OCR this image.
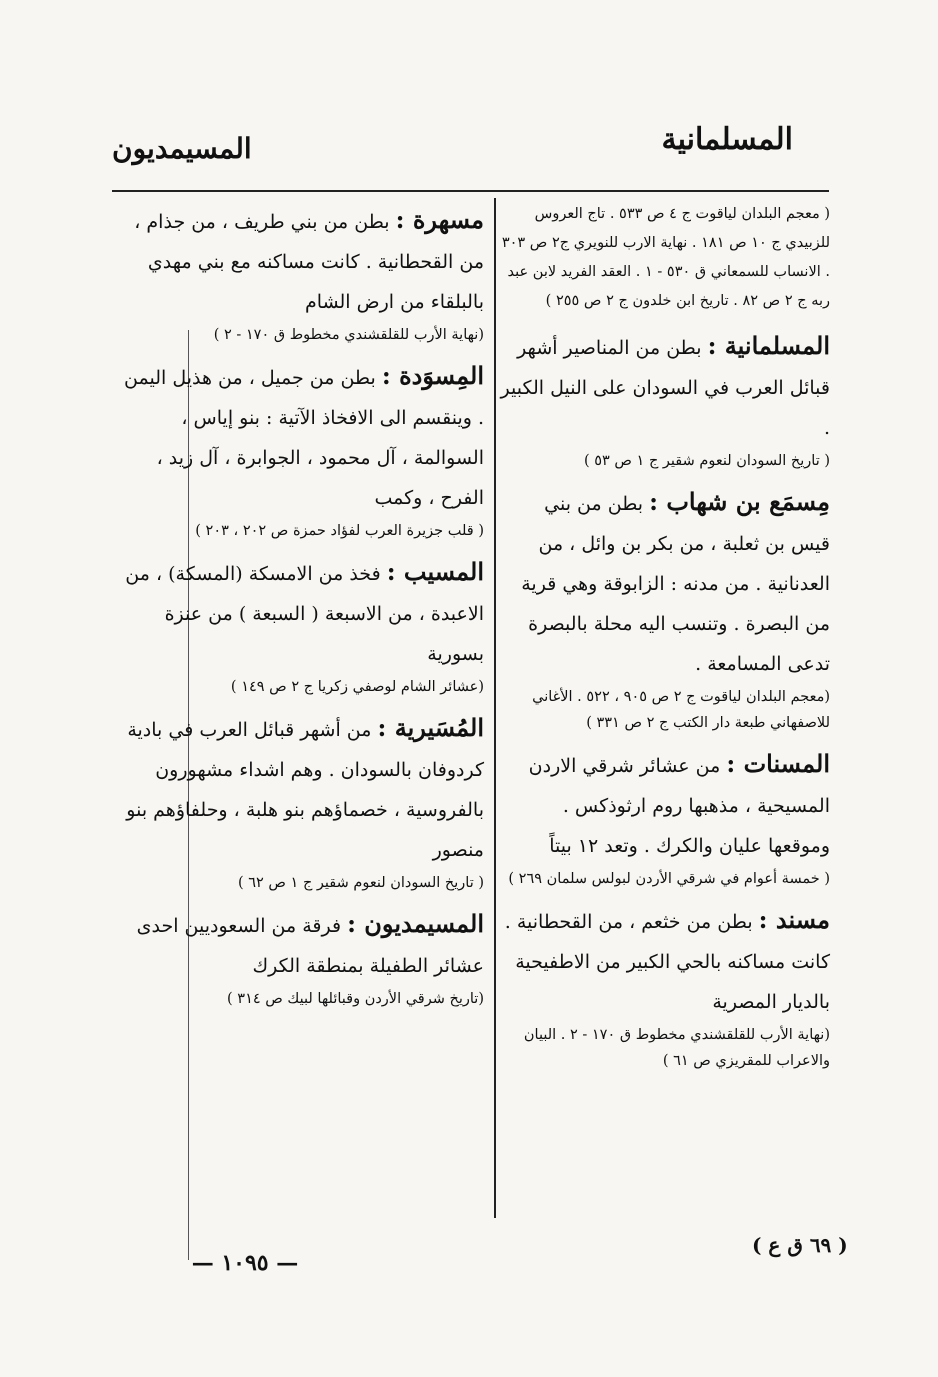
المسلمانية
المسيمديون
( معجم البلدان لياقوت ج ٤ ص ٥٣٣ . تاج العروس للزبيدي ج ١٠ ص ١٨١ . نهاية الارب للنويري ج٢ ص ٣٠٣ . الانساب للسمعاني ق ٥٣٠ - ١ . العقد الفريد لابن عبد ربه ج ٢ ص ٨٢ . تاريخ ابن خلدون ج ٢ ص ٢٥٥ )
المسلمانية : بطن من المناصير أشهر قبائل العرب في السودان على النيل الكبير .
( تاريخ السودان لنعوم شقير ج ١ ص ٥٣ )
مِسمَع بن شهاب : بطن من بني قيس بن ثعلبة ، من بكر بن وائل ، من العدنانية . من مدنه : الزابوقة وهي قرية من البصرة . وتنسب اليه محلة بالبصرة تدعى المسامعة .
(معجم البلدان لياقوت ج ٢ ص ٩٠٥ ، ٥٢٢ . الأغاني للاصفهاني طبعة دار الكتب ج ٢ ص ٣٣١ )
المسنات : من عشائر شرقي الاردن المسيحية ، مذهبها روم ارثوذكس . وموقعها عليان والكرك . وتعد ١٢ بيتاً
( خمسة أعوام في شرقي الأردن لبولس سلمان ٢٦٩ )
مسند : بطن من خثعم ، من القحطانية . كانت مساكنه بالحي الكبير من الاطفيحية بالديار المصرية
(نهاية الأرب للقلقشندي مخطوط ق ١٧٠ - ٢ . البيان والاعراب للمقريزي ص ٦١ )
مسهرة : بطن من بني طريف ، من جذام ، من القحطانية . كانت مساكنه مع بني مهدي بالبلقاء من ارض الشام
(نهاية الأرب للقلقشندي مخطوط ق ١٧٠ - ٢ )
المِسوَدة : بطن من جميل ، من هذيل اليمن . وينقسم الى الافخاذ الآتية : بنو إياس ، السوالمة ، آل محمود ، الجوابرة ، آل زيد ، الفرح ، وكمب
( قلب جزيرة العرب لفؤاد حمزة ص ٢٠٢ ، ٢٠٣ )
المسيب : فخذ من الامسكة (المسكة) ، من الاعبدة ، من الاسبعة ( السبعة ) من عنزة بسورية
(عشائر الشام لوصفي زكريا ج ٢ ص ١٤٩ )
المُسَيرية : من أشهر قبائل العرب في بادية كردوفان بالسودان . وهم اشداء مشهورون بالفروسية ، خصماؤهم بنو هلبة ، وحلفاؤهم بنو منصور
( تاريخ السودان لنعوم شقير ج ١ ص ٦٢ )
المسيمديون : فرقة من السعوديين احدى عشائر الطفيلة بمنطقة الكرك
(تاريخ شرقي الأردن وقبائلها لبيك ص ٣١٤ )
( ٦٩ ق ع )
— ١٠٩٥ —
